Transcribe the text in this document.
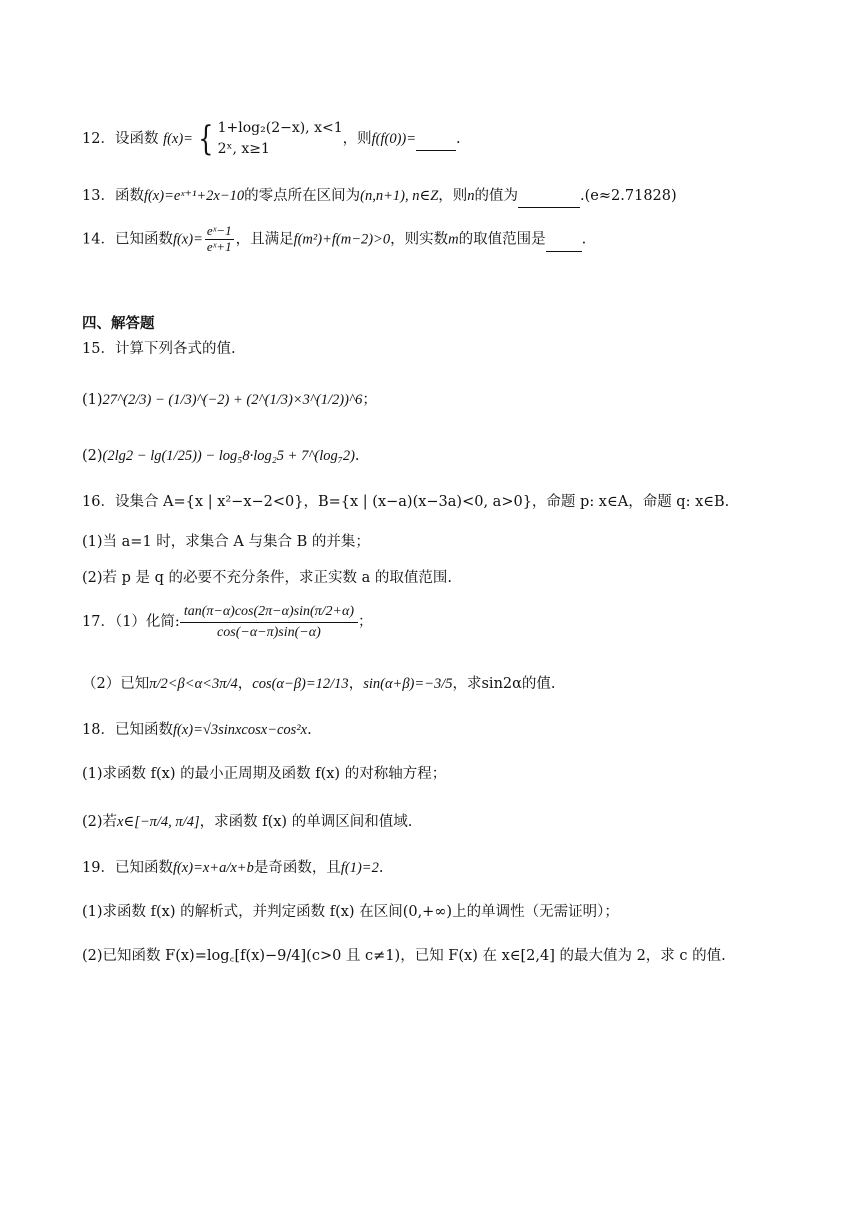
12．设函数 f(x)= { 1+log₂(2−x), x<1
2ˣ, x≥1
，则f(f(0))=	.
13．函数f(x)=eˣ⁺¹+2x−10的零点所在区间为(n,n+1), n∈Z，则n的值为	.(e≈2.71828)
14．已知函数$f(x)= \frac{\text{eˣ−1}}{\text{eˣ+1}}$ ，且满足f(m²)+f(m−2)>0，则实数m的取值范围是 .
四、解答题
15．计算下列各式的值.
(1)27^(2/3) − (1/3)^(−2) + (2^(1/3)×3^(1/2))^6；
(2)(2lg2 − lg(1/25)) − log₅8·log₂5 + 7^(log₇2).
16．设集合 A={x | x²−x−2<0}，B={x | (x−a)(x−3a)<0, a>0}，命题 p: x∈A，命题 q: x∈B.
(1)当 a=1 时，求集合 A 与集合 B 的并集；
(2)若 p 是 q 的必要不充分条件，求正实数 a 的取值范围.
17．（1）化简: $\frac{\tan(\pi-\alpha)\cos(2\pi-\alpha)\sin(\pi/2+\alpha)}{\cos(-\alpha-\pi)\sin(-\alpha)}$ ；
（2）已知π/2<β<α<3π/4，cos(α−β)=12/13，sin(α+β)=−3/5，求sin2α的值.
18．已知函数f(x)=√3sinxcosx−cos²x.
(1)求函数 f(x) 的最小正周期及函数 f(x) 的对称轴方程；
(2)若x∈[−π/4, π/4]，求函数 f(x) 的单调区间和值域.
19．已知函数f(x)=x+a/x+b是奇函数，且f(1)=2.
(1)求函数 f(x) 的解析式，并判定函数 f(x) 在区间(0,+∞)上的单调性（无需证明）；
(2)已知函数 F(x)=log꜀[f(x)−9/4](c>0 且 c≠1)，已知 F(x) 在 x∈[2,4] 的最大值为 2，求 c 的值.
